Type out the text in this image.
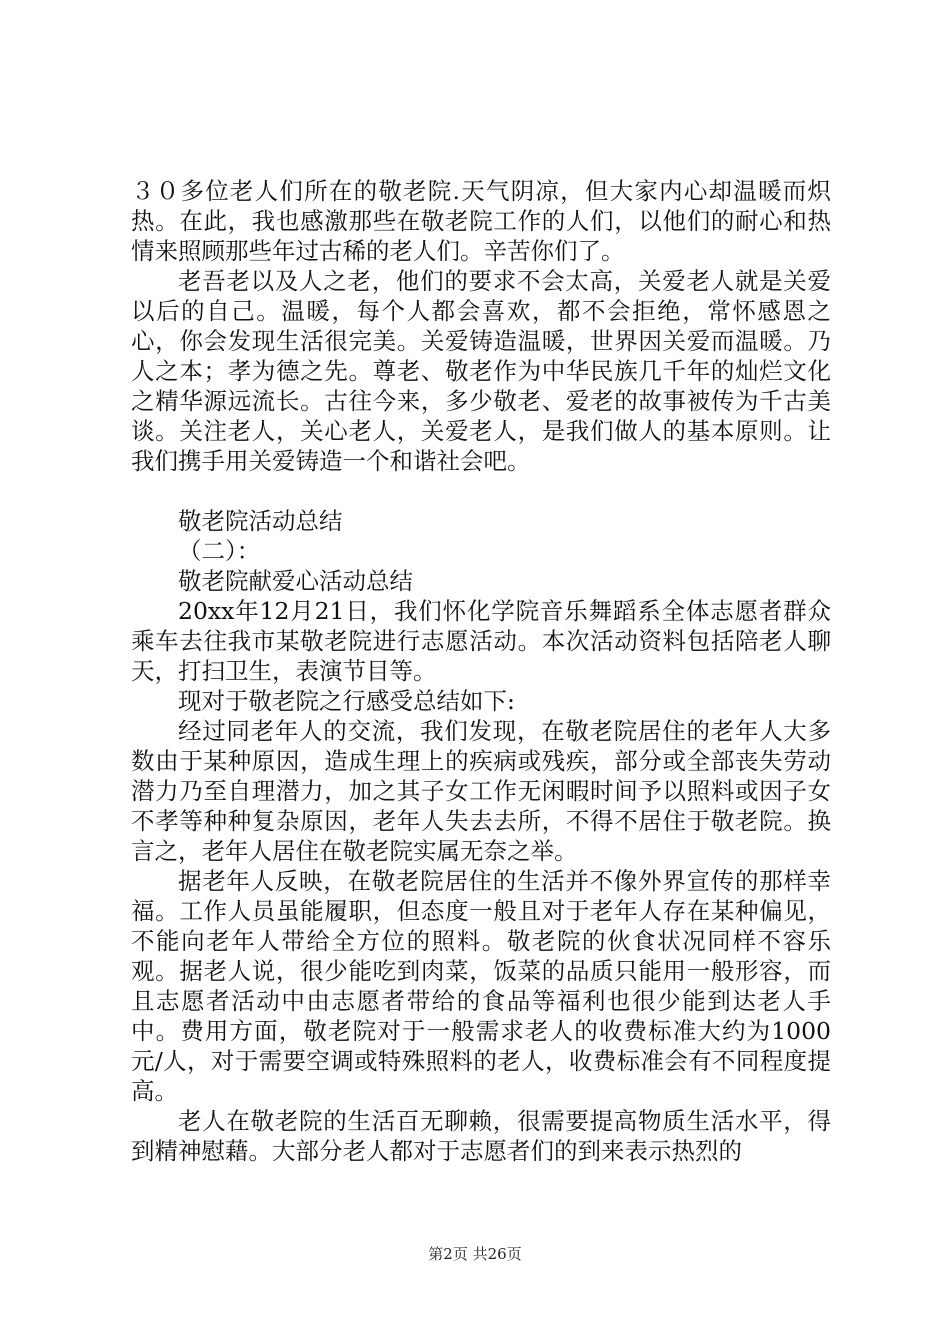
３０多位老人们所在的敬老院.天气阴凉，但大家内心却温暖而炽热。在此，我也感激那些在敬老院工作的人们，以他们的耐心和热情来照顾那些年过古稀的老人们。辛苦你们了。

老吾老以及人之老，他们的要求不会太高，关爱老人就是关爱以后的自己。温暖，每个人都会喜欢，都不会拒绝，常怀感恩之心，你会发现生活很完美。关爱铸造温暖，世界因关爱而温暖。乃人之本；孝为德之先。尊老、敬老作为中华民族几千年的灿烂文化之精华源远流长。古往今来，多少敬老、爱老的故事被传为千古美谈。关注老人，关心老人，关爱老人，是我们做人的基本原则。让我们携手用关爱铸造一个和谐社会吧。

敬老院活动总结

（二）：

敬老院献爱心活动总结

20xx年12月21日，我们怀化学院音乐舞蹈系全体志愿者群众乘车去往我市某敬老院进行志愿活动。本次活动资料包括陪老人聊天，打扫卫生，表演节目等。

现对于敬老院之行感受总结如下:

经过同老年人的交流，我们发现，在敬老院居住的老年人大多数由于某种原因，造成生理上的疾病或残疾，部分或全部丧失劳动潜力乃至自理潜力，加之其子女工作无闲暇时间予以照料或因子女不孝等种种复杂原因，老年人失去去所，不得不居住于敬老院。换言之，老年人居住在敬老院实属无奈之举。

据老年人反映，在敬老院居住的生活并不像外界宣传的那样幸福。工作人员虽能履职，但态度一般且对于老年人存在某种偏见，不能向老年人带给全方位的照料。敬老院的伙食状况同样不容乐观。据老人说，很少能吃到肉菜，饭菜的品质只能用一般形容，而且志愿者活动中由志愿者带给的食品等福利也很少能到达老人手中。费用方面，敬老院对于一般需求老人的收费标准大约为1000元/人，对于需要空调或特殊照料的老人，收费标准会有不同程度提高。

老人在敬老院的生活百无聊赖，很需要提高物质生活水平，得到精神慰藉。大部分老人都对于志愿者们的到来表示热烈的

第2页 共26页
